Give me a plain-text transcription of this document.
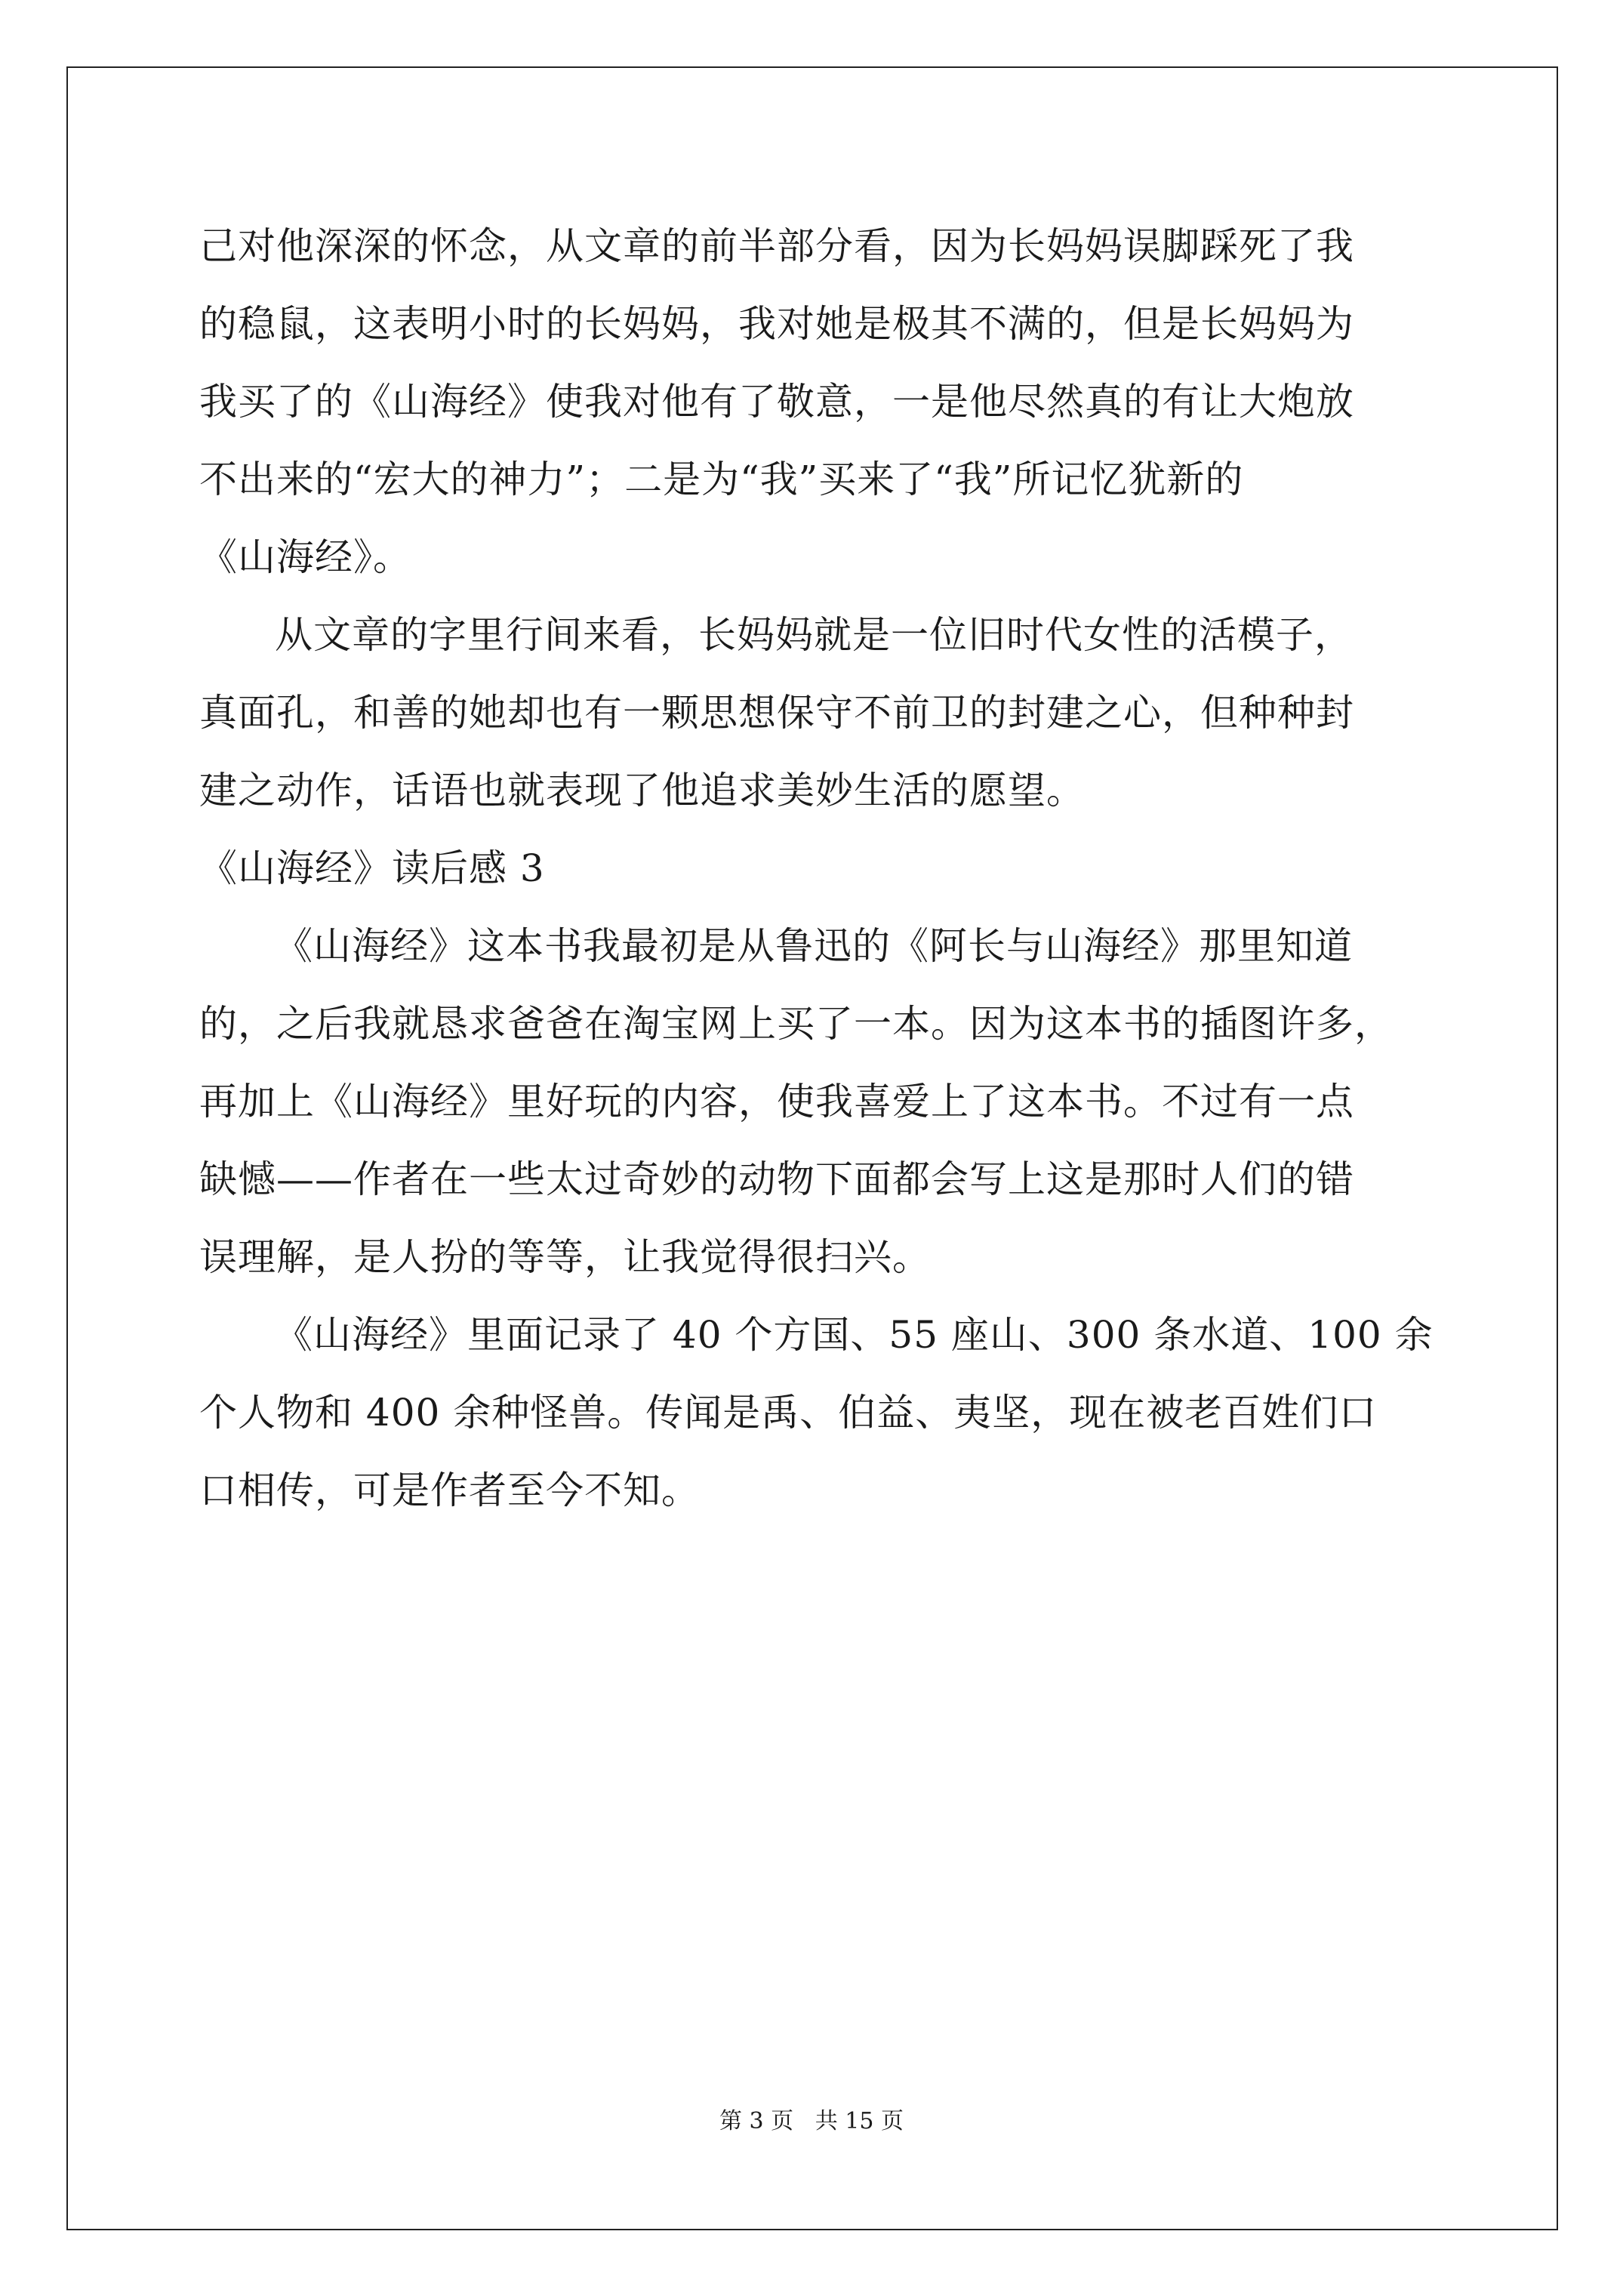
己对他深深的怀念，从文章的前半部分看，因为长妈妈误脚踩死了我
的稳鼠，这表明小时的长妈妈，我对她是极其不满的，但是长妈妈为
我买了的《山海经》使我对他有了敬意，一是他尽然真的有让大炮放
不出来的“宏大的神力”；二是为“我”买来了“我”所记忆犹新的
《山海经》。
从文章的字里行间来看，长妈妈就是一位旧时代女性的活模子，
真面孔，和善的她却也有一颗思想保守不前卫的封建之心，但种种封
建之动作，话语也就表现了他追求美妙生活的愿望。
《山海经》读后感 3
《山海经》这本书我最初是从鲁迅的《阿长与山海经》那里知道
的，之后我就恳求爸爸在淘宝网上买了一本。因为这本书的插图许多，
再加上《山海经》里好玩的内容，使我喜爱上了这本书。不过有一点
缺憾——作者在一些太过奇妙的动物下面都会写上这是那时人们的错
误理解，是人扮的等等，让我觉得很扫兴。
《山海经》里面记录了 40 个方国、55 座山、300 条水道、100 余
个人物和 400 余种怪兽。传闻是禹、伯益、夷坚，现在被老百姓们口
口相传，可是作者至今不知。
第 3 页   共 15 页
